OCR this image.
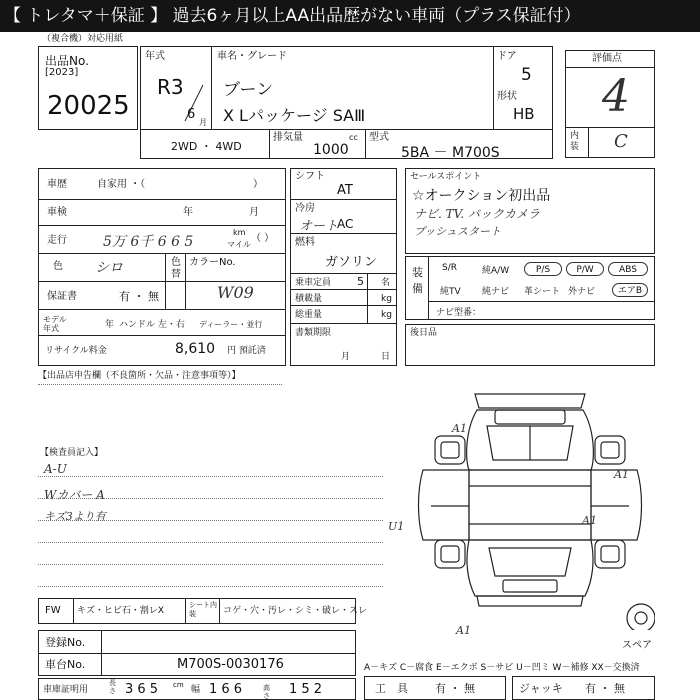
【 トレタマ＋保証 】 過去6ヶ月以上AA出品歴がない車両（プラス保証付）
（複合機）対応用紙
出品No.
[2023]
20025
年式
R3
6
月
車名・グレード
ブーン
X Lパッケージ SAⅢ
ドア
5
形状
HB
評価点
4
内装 C
2WD ・ 4WD
排気量	cc
1000
型式
5BA － M700S
車歴	自家用 ・（	）
車検	年	月
走行	5万 6千 6 6 5
km
マイル
（ ）
色 シロ	色替
カラーNo.
W09
保証書	有 ・ 無
モデル年式	年 ハンドル 左・右 ディーラー・並行
リサイクル料金	8,610 円 預託済
シフト
AT
冷房
オート
AC
燃料
ガソリン
乗車定員 5 名
積載量	kg
総重量	kg
書類期限
月	日
セールスポイント
☆オークション初出品
ナビ. TV. バックカメラ
プッシュスタート
装備
S/R	純A/W	P/S	P/W	ABS
純TV 純ナビ 革シート 外ナビ	エアB
ナビ型番：
後日品
【出品店申告欄（不良箇所・欠品・注意事項等）】
【検査員記入】
A-U
Wカバー A
キズ3より有
A1
A1
A1
U1
A1
スペア
FW キズ・ヒビ石・割レX
シート内装	コゲ・穴・汚レ・シミ・破レ・スレ
登録No.
車台No.	M700S-0030176
車庫証明用
長さ 3 6 5 cm 幅 1 6 6	高さ 1 5 2
A－キズ C－腐食 E－エクボ S－サビ U－凹ミ W－補修 XX－交換済
工　具 有 ・ 無	ジャッキ 有 ・ 無
